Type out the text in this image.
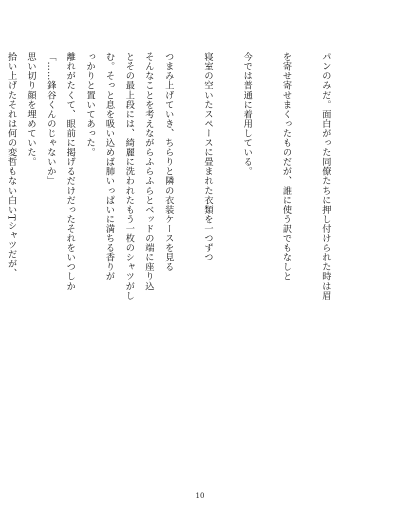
パンのみだ。面白がった同僚たちに押し付けられた時は眉

を寄せ寄せまくったものだが、誰に使う訳でもなしと

今では普通に着用している。

寝室の空いたスペースに畳まれた衣類を一つずつ

つまみ上げていき、ちらりと隣の衣装ケースを見る

とその最上段には、綺麗に洗われたもう一枚のシャツがし

っかりと置いてあった。

「……鋒谷くんのじゃないか」

拾い上げたそれは何の変哲もない白いTシャツだが、

	そんなことを考えながらふらふらとベッドの端に座り込

む。そっと息を吸い込めば肺いっぱいに満ちる香りが

離れがたくて、眼前に掲げるだけだったそれをいつしか

思い切り顔を埋めていた。

10
